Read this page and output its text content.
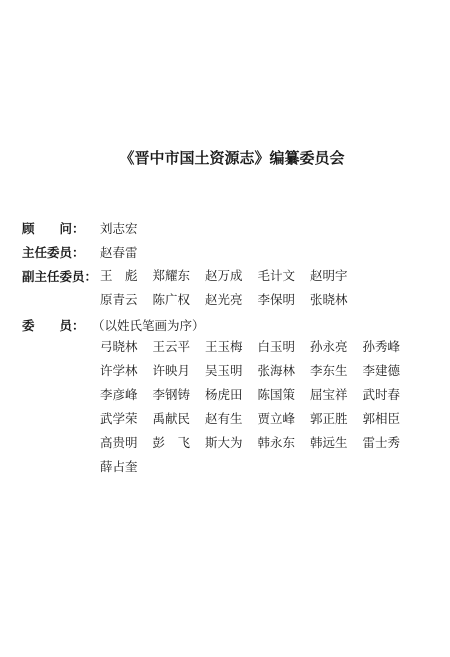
《晋中市国土资源志》编纂委员会
顾　　问：	刘志宏
主任委员：	赵春雷
副主任委员： 王　彪 郑耀东 赵万成 毛计文 赵明宇
原青云 陈广权 赵光亮 李保明 张晓林
委　　员： （以姓氏笔画为序）
弓晓林 王云平 王玉梅 白玉明 孙永亮 孙秀峰
许学林 许映月 吴玉明 张海林 李东生 李建德
李彦峰 李钢铸 杨虎田 陈国策 屈宝祥 武时春
武学荣 禹献民 赵有生 贾立峰 郭正胜 郭相臣
高贵明 彭　飞 斯大为 韩永东 韩远生 雷士秀
薛占奎
